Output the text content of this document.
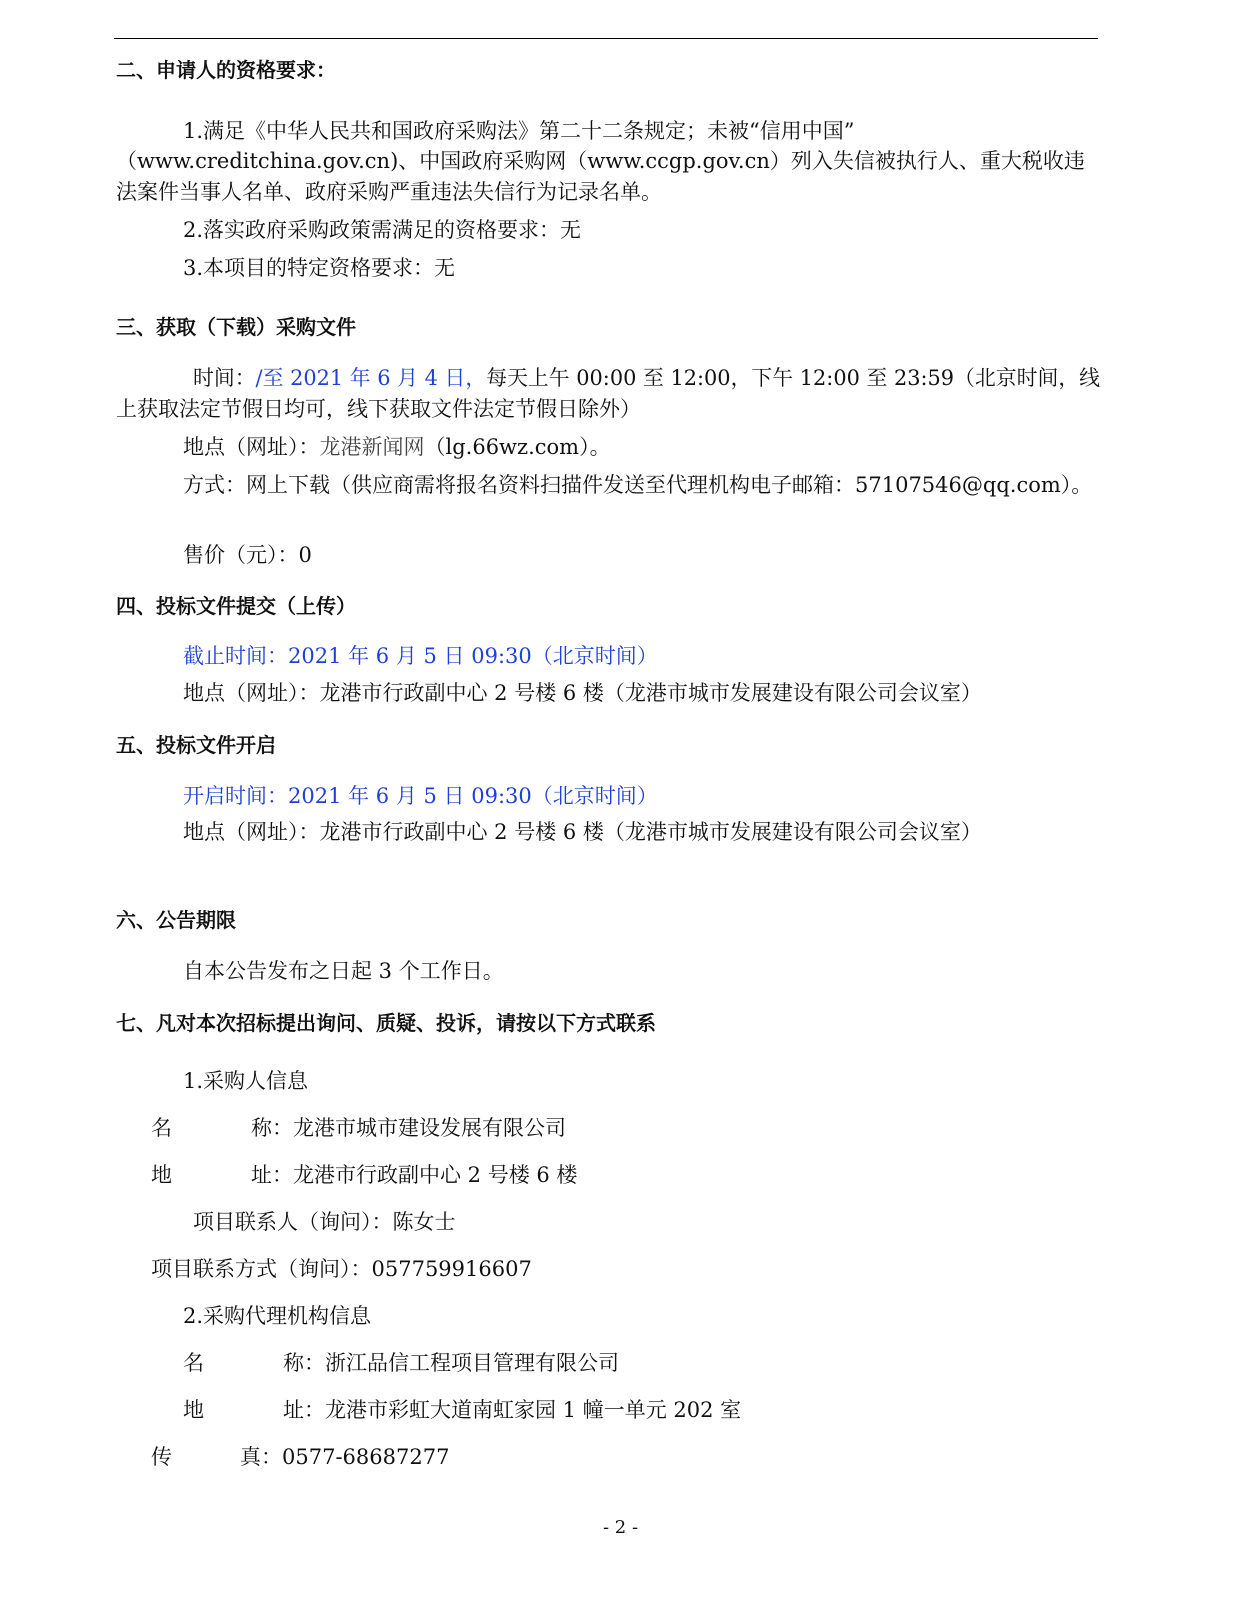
二、申请人的资格要求：
1.满足《中华人民共和国政府采购法》第二十二条规定；未被“信用中国”
（www.creditchina.gov.cn)、中国政府采购网（www.ccgp.gov.cn）列入失信被执行人、重大税收违
法案件当事人名单、政府采购严重违法失信行为记录名单。
2.落实政府采购政策需满足的资格要求：无
3.本项目的特定资格要求：无
三、获取（下载）采购文件
时间：/至 2021 年 6 月 4 日，每天上午 00:00 至 12:00，下午 12:00 至 23:59（北京时间，线
上获取法定节假日均可，线下获取文件法定节假日除外）
地点（网址）：龙港新闻网（lg.66wz.com）。
方式：网上下载（供应商需将报名资料扫描件发送至代理机构电子邮箱：57107546@qq.com）。
售价（元）：0
四、投标文件提交（上传）
截止时间：2021 年 6 月 5 日 09:30（北京时间）
地点（网址）：龙港市行政副中心 2 号楼 6 楼（龙港市城市发展建设有限公司会议室）
五、投标文件开启
开启时间：2021 年 6 月 5 日 09:30（北京时间）
地点（网址）：龙港市行政副中心 2 号楼 6 楼（龙港市城市发展建设有限公司会议室）
六、公告期限
自本公告发布之日起 3 个工作日。
七、凡对本次招标提出询问、质疑、投诉，请按以下方式联系
1.采购人信息
名	称：龙港市城市建设发展有限公司
地	址：龙港市行政副中心 2 号楼 6 楼
项目联系人（询问）：陈女士
项目联系方式（询问）：057759916607
2.采购代理机构信息
名	称：浙江品信工程项目管理有限公司
地	址：龙港市彩虹大道南虹家园 1 幢一单元 202 室
传	真：0577-68687277
- 2 -
